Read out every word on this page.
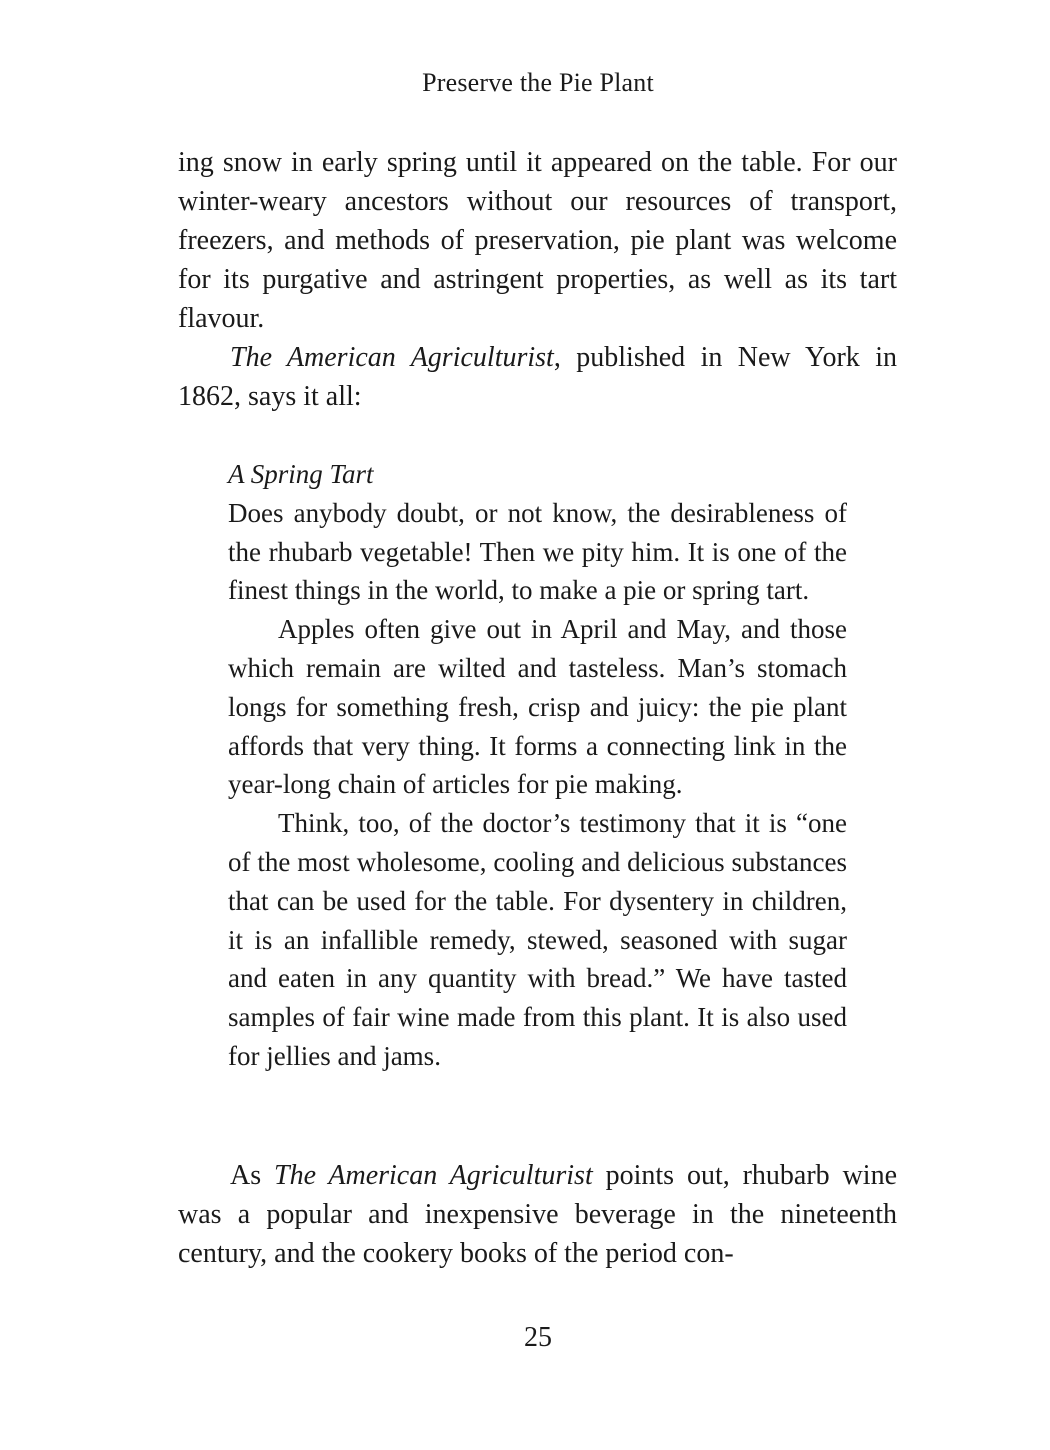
Preserve the Pie Plant

ing snow in early spring until it appeared on the table. For our winter-weary ancestors without our resources of transport, freezers, and methods of preservation, pie plant was welcome for its purgative and astringent properties, as well as its tart flavour.

The American Agriculturist, published in New York in 1862, says it all:

A Spring Tart

Does anybody doubt, or not know, the desirableness of the rhubarb vegetable! Then we pity him. It is one of the finest things in the world, to make a pie or spring tart.

Apples often give out in April and May, and those which remain are wilted and tasteless. Man’s stomach longs for something fresh, crisp and juicy: the pie plant affords that very thing. It forms a connecting link in the year-long chain of articles for pie making.

Think, too, of the doctor’s testimony that it is “one of the most wholesome, cooling and delicious substances that can be used for the table. For dysentery in children, it is an infallible remedy, stewed, seasoned with sugar and eaten in any quantity with bread.” We have tasted samples of fair wine made from this plant. It is also used for jellies and jams.

As The American Agriculturist points out, rhubarb wine was a popular and inexpensive beverage in the nineteenth century, and the cookery books of the period con-

25
